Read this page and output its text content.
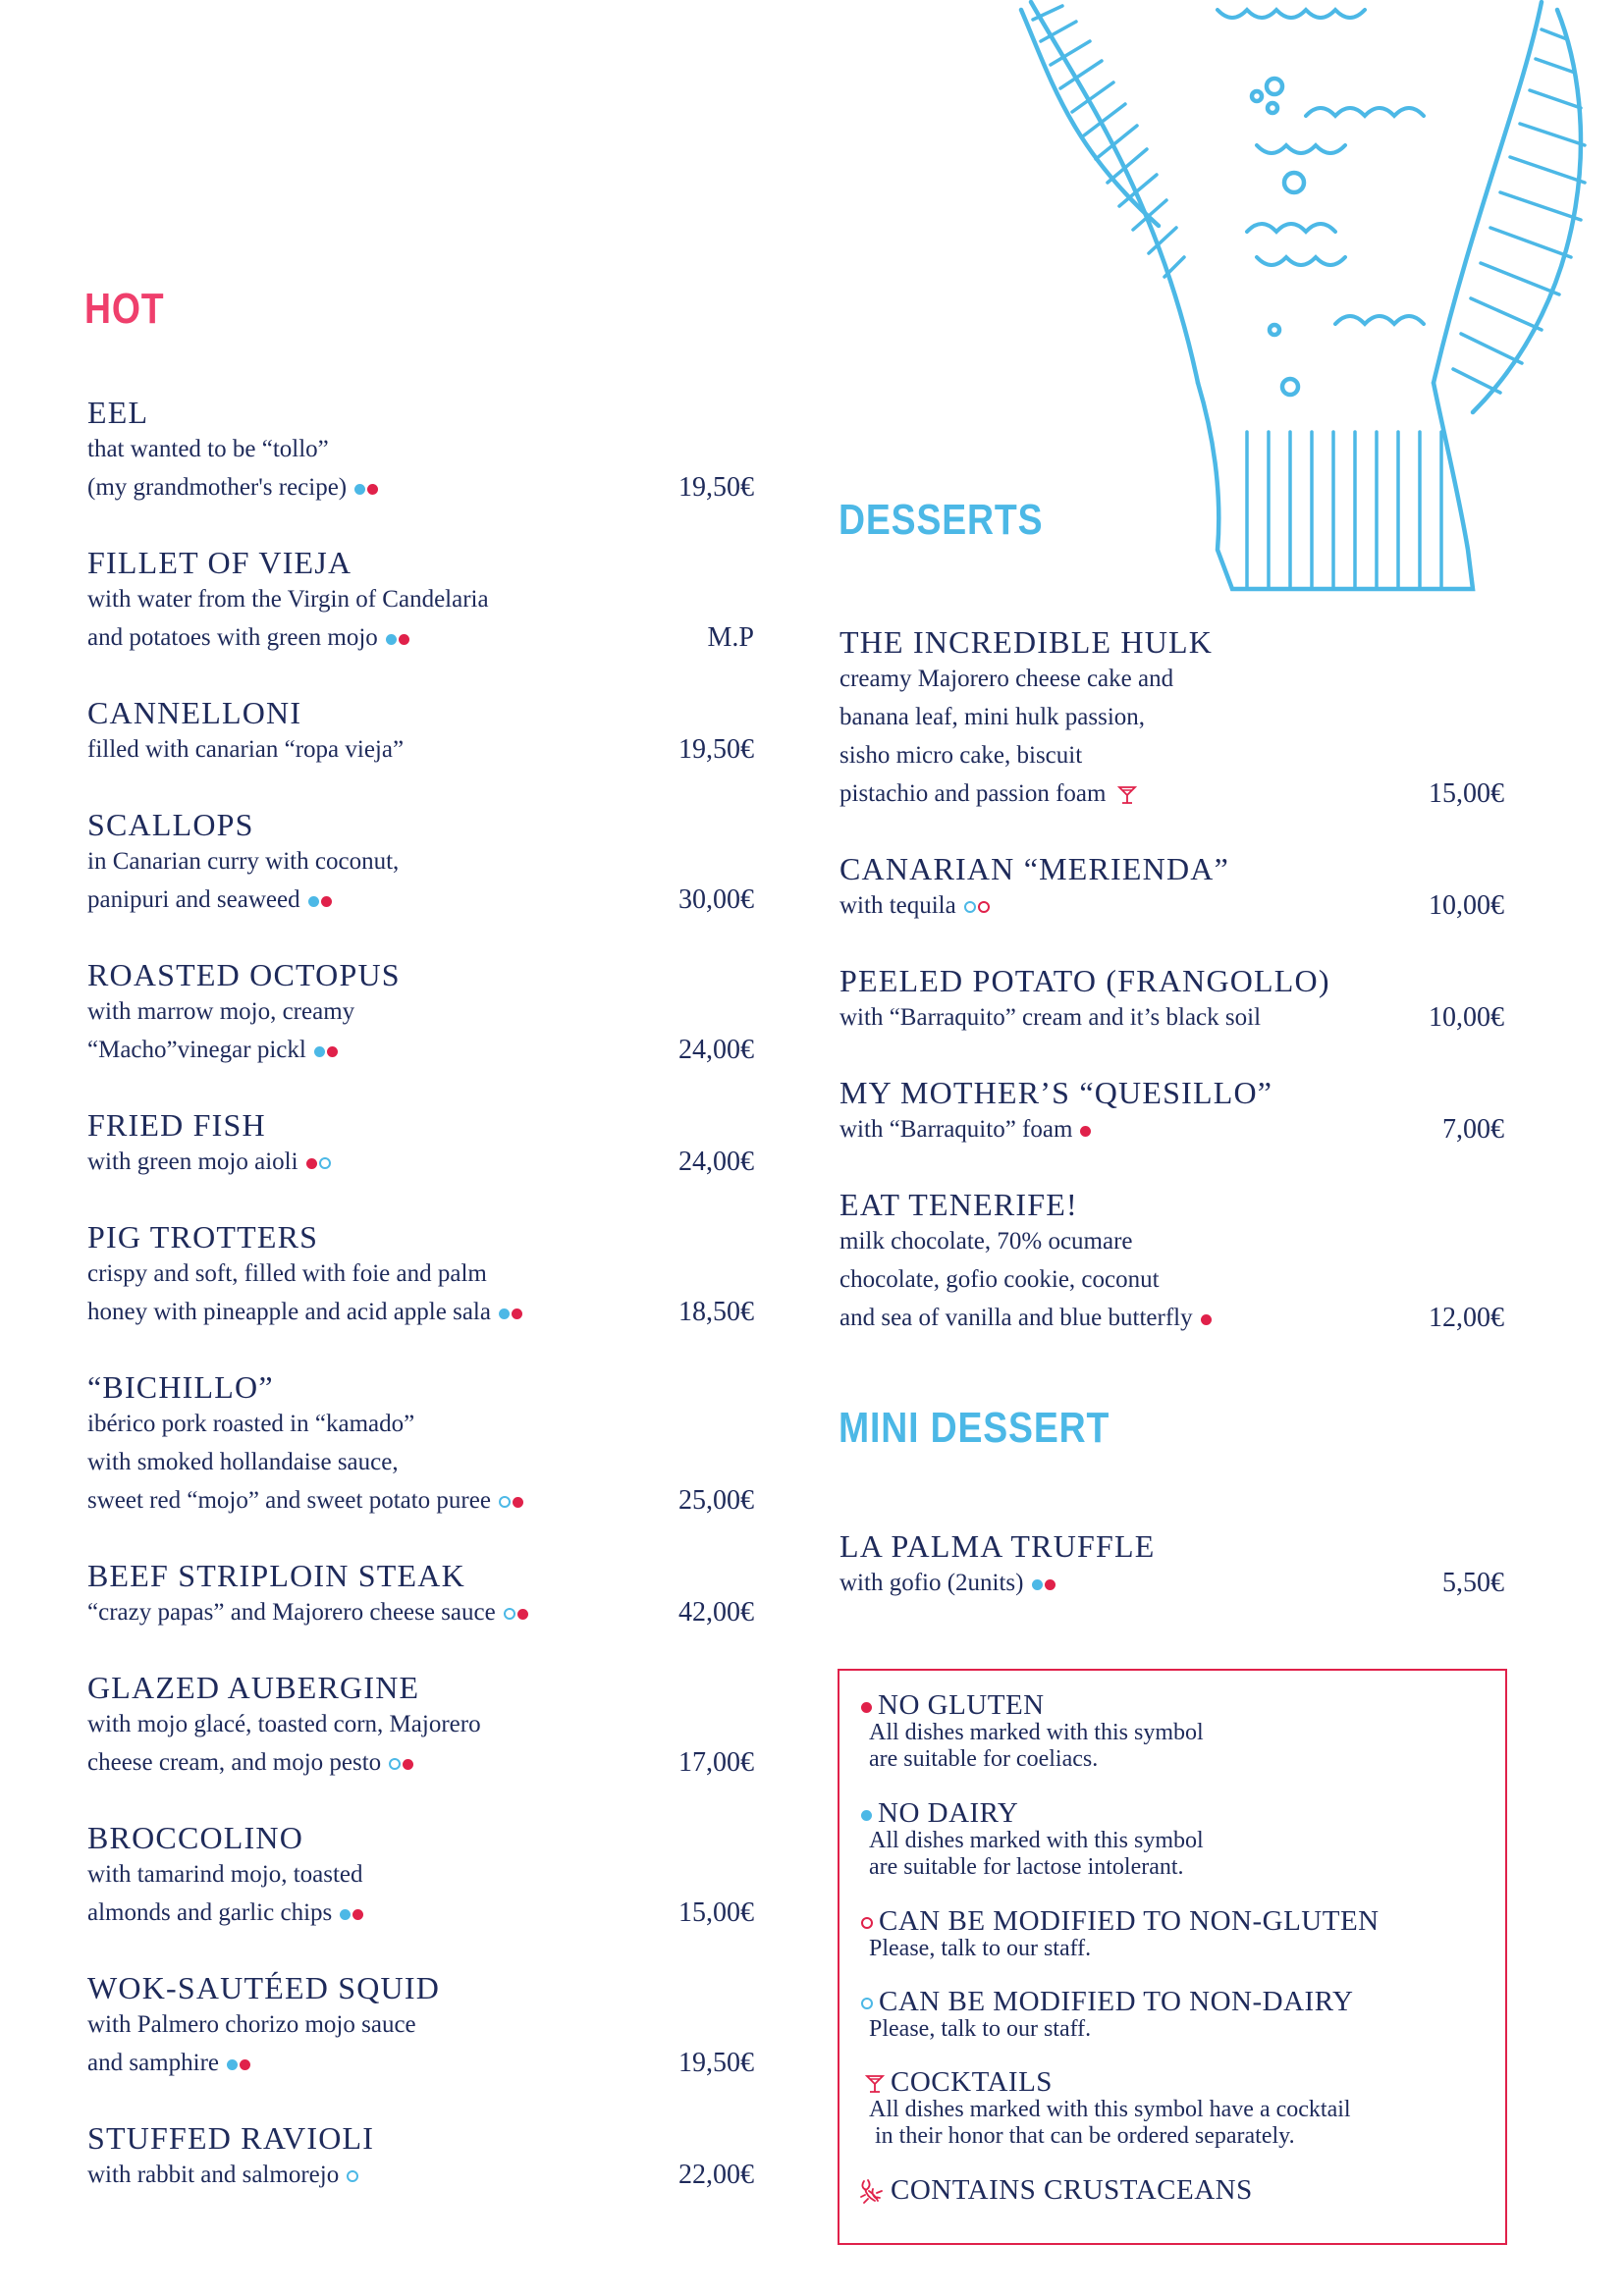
HOT
EEL
that wanted to be “tollo”
(my grandmother's recipe)	19,50€
FILLET OF VIEJA
with water from the Virgin of Candelaria
and potatoes with green mojo	M.P
CANNELLONI
filled with canarian “ropa vieja”	19,50€
SCALLOPS
in Canarian curry with coconut,
panipuri and seaweed	30,00€
ROASTED OCTOPUS
with marrow mojo, creamy
“Macho”vinegar pickl	24,00€
FRIED FISH
with green mojo aioli	24,00€
PIG TROTTERS
crispy and soft, filled with foie and palm
honey with pineapple and acid apple sala	18,50€
“BICHILLO”
ibérico pork roasted in “kamado”
with smoked hollandaise sauce,
sweet red “mojo” and sweet potato puree	25,00€
BEEF STRIPLOIN STEAK
“crazy papas” and Majorero cheese sauce	42,00€
GLAZED AUBERGINE
with mojo glacé, toasted corn, Majorero
cheese cream, and mojo pesto	17,00€
BROCCOLINO
with tamarind mojo, toasted
almonds and garlic chips	15,00€
WOK-SAUTÉED SQUID
with Palmero chorizo mojo sauce
and samphire	19,50€
STUFFED RAVIOLI
with rabbit and salmorejo	22,00€
DESSERTS
THE INCREDIBLE HULK
creamy Majorero cheese cake and
banana leaf, mini hulk passion,
sisho micro cake, biscuit
pistachio and passion foam	15,00€
CANARIAN “MERIENDA”
with tequila	10,00€
PEELED POTATO (FRANGOLLO)
with “Barraquito” cream and it’s black soil	10,00€
MY MOTHER’S “QUESILLO”
with “Barraquito” foam	7,00€
EAT TENERIFE!
milk chocolate, 70% ocumare
chocolate, gofio cookie, coconut
and sea of vanilla and blue butterfly	12,00€
MINI DESSERT
LA PALMA TRUFFLE
with gofio (2units)	5,50€
NO GLUTEN
All dishes marked with this symbol
are suitable for coeliacs.
NO DAIRY
All dishes marked with this symbol
are suitable for lactose intolerant.
CAN BE MODIFIED TO NON-GLUTEN
Please, talk to our staff.
CAN BE MODIFIED TO NON-DAIRY
Please, talk to our staff.
COCKTAILS
All dishes marked with this symbol have a cocktail
in their honor that can be ordered separately.
CONTAINS CRUSTACEANS
